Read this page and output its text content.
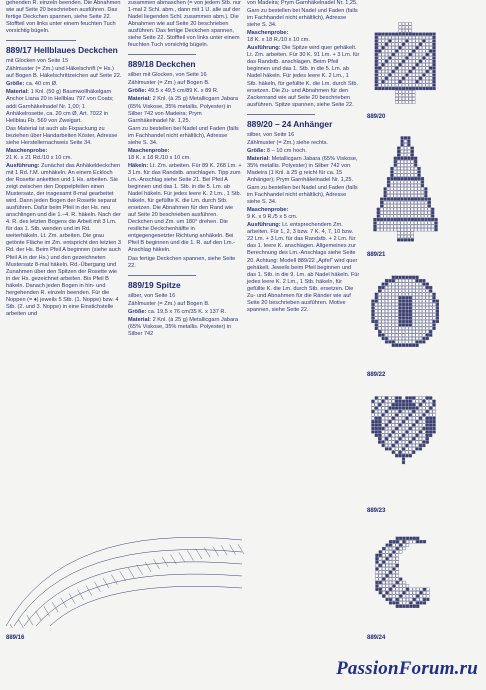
gehenden R. einzeln beenden. Die Abnahmen wie auf Seite 20 beschrieben ausführen. Das fertige Deckchen spannen, siehe Seite 22. Stoffteil von links unter einem feuchten Tuch vorsichtig bügeln.

889/17 Hellblaues Deckchen

mit Glocken von Seite 15

Zählmuster (= Zm.) und Häkelschrift (= Hs.) auf Bogen B. Häkelschrittzeichen auf Seite 22.

Größe: ca. 40 cm Ø.

Material: 1 Knl. (50 g) Baumwollhäkelgarn Anchor Liana 20 in Hellblau 797 von Coats; addi Garnhäkelnadel Nr. 1,00; 1 Anhäkelrosette, ca. 20 cm Ø, Art. 7022 in Hellblau Fb. 569 von Zweigart.

Das Material ist auch als Fixpackung zu beziehen über Handarbeiten Köster, Adresse siehe Herstellernachweis Seite 34.

Maschenprobe:
21 K. x 21 Rd./10 x 10 cm.

Ausführung: Zunächst das Anhäkeldeckchen mit 1 Rd. f.M. umhäkeln. An einem Eckloch der Rosette ankettten und 1 Hs. arbeiten. Sie zeigt zwischen den Doppelpfeilen einen Mustersatz, der insgesamt 8-mal gearbeitet wird. Dann jeden Bogen der Rosette separat ausführen. Dafür beim Pfeil in der Hs. neu anschlingen und die 1.–4. R. häkeln. Nach der 4. R. des letzten Bogens die Arbeit mit 3 Lm. für das 1. Stb. wenden und im Rd. weiterhäkeln. Lt. Zm. arbeiten. Die grau getönte Fläche im Zm. entspricht den letzten 3 Rd. der Hs. Beim Pfeil A beginnen (siehe auch Pfeil A in der Hs.) und den gezeichneten Mustersatz 8-mal häkeln. Rd.-Übergang und Zunahmen über den Spitzen der Rosette wie in der Hs. gezeichnet arbeiten. Bis Pfeil B häkeln. Danach jeden Bogen in hin- und hergehenden R. einzeln beenden. Für die Noppen (= ♦) jeweils 5 Stb. (1. Noppe) bzw. 4 Stb. (2. und 3. Noppe) in eine Einstichstelle arbeiten und

zusammen abmaschen (= von jedem Stb. nur 1-mal 2 Schl. abm., dann mit 1 U. alle auf der Nadel liegenden Schl. zusammen abm.). Die Abnahmen wie auf Seite 20 beschrieben ausführen. Das fertige Deckchen spannen, siehe Seite 22. Stoffteil von links unter einem feuchten Tuch vorsichtig bügeln.

889/18 Deckchen

silber mit Glocken, von Seite 16

Zählmuster (= Zm.) auf Bogen B.

Größe: 49,5 x 49,5 cm/89 K. x 89 R.

Material: 2 Knl. (à 25 g) Metallicgarn Jabara (65% Viskose, 35% metallis. Polyester) in Silber 742 von Madeira; Prym Garnhäkelnadel Nr. 1,25.

Garn zu bestellen bei Nadel und Faden (falls im Fachhandel nicht erhältlich), Adresse siehe S. 34.

Maschenprobe:
18 K. x 18 R./10 x 10 cm.

Häkeln: Lt. Zm. arbeiten. Für 89 K. 268 Lm. + 3 Lm. für das Randstb. anschlagen. Tipp zum Lm.-Anschlag siehe Seite 21. Bei Pfeil A beginnen und das 1. Stb. in die 5. Lm. ab Nadel häkeln. Für jedes leere K. 2 Lm., 1 Stb. häkeln, für gefüllte K. die Lm. durch Stb. ersetzen. Die Abnahmen für den Rand wie auf Seite 20 beschrieben ausführen. Deckchen und Zm. um 180° drehen. Die restliche Deckchenhälfte in entgegengesetzter Richtung anhäkeln. Bei Pfeil B beginnen und die 1. R. auf den Lm.-Anschlag häkeln.

Das fertige Deckchen spannen, siehe Seite 22.

889/19 Spitze

silber, von Seite 16

Zählmuster (= Zm.) auf Bogen B.

Größe: ca. 19,5 x 76 cm/35 K. x 137 R.

Material: 2 Knl. (à 25 g) Metallicgarn Jabara (65% Viskose, 35% metallis. Polyester) in Silber 742

von Madeira; Prym Garnhäkelnadel Nr. 1,25.

Garn zu bestellen bei Nadel und Faden (falls im Fachhandel nicht erhältlich), Adresse siehe S. 34.

Maschenprobe:
18 K. x 18 R./10 x 10 cm.

Ausführung: Die Spitze wird quer gehäkelt. Lt. Zm. arbeiten. Für 30 K. 91 Lm. + 3 Lm. für das Randstb. anschlagen. Beim Pfeil beginnen und das 1. Stb. in die 5. Lm. ab Nadel häkeln. Für jedes leere K. 2 Lm., 1 Stb. häkeln, für gefüllte K. die Lm. durch Stb. ersetzen. Die Zu- und Abnahmen für den Zackenrand wie auf Seite 20 beschrieben ausführen. Spitze spannen, siehe Seite 22.

889/20 – 24 Anhänger

silber, von Seite 16

Zählmuster (= Zm.) siehe rechts.

Größe: 8 – 10 cm hoch.

Material: Metallicgarn Jabara (65% Viskose, 35% metallis. Polyester) in Silber 742 von Madeira (1 Knl. à 25 g reicht für ca. 15 Anhänger); Prym Garnhäkelnadel Nr. 1,25.

Garn zu bestellen bei Nadel und Faden (falls im Fachhandel nicht erhältlich), Adresse siehe S. 34.

Maschenprobe:
9 K. x 9 R./5 x 5 cm.

Ausführung: Lt. entsprechendem Zm. arbeiten. Für 1, 2, 3 bzw. 7 K. 4, 7, 10 bzw. 22 Lm. + 3 Lm. für das Randstb. + 2 Lm. für das 1. leere K. anschlagen. Allgemeines zur Berechnung des Lm.-Anschlags siehe Seite 20. Achtung: Modell 889/22 „Apfel“ wird quer gehäkelt. Jeweils beim Pfeil beginnen und das 1. Stb. in die 9. Lm. ab Nadel häkeln. Für jedes leere K. 2 Lm., 1 Stb. häkeln, für gefüllte K. die Lm. durch Stb. ersetzen. Die Zu- und Abnahmen für die Ränder wie auf Seite 20 beschrieben ausführen. Motive spannen, siehe Seite 22.

889/16
889/20
889/21
889/22
889/23
889/24
PassionForum.ru
